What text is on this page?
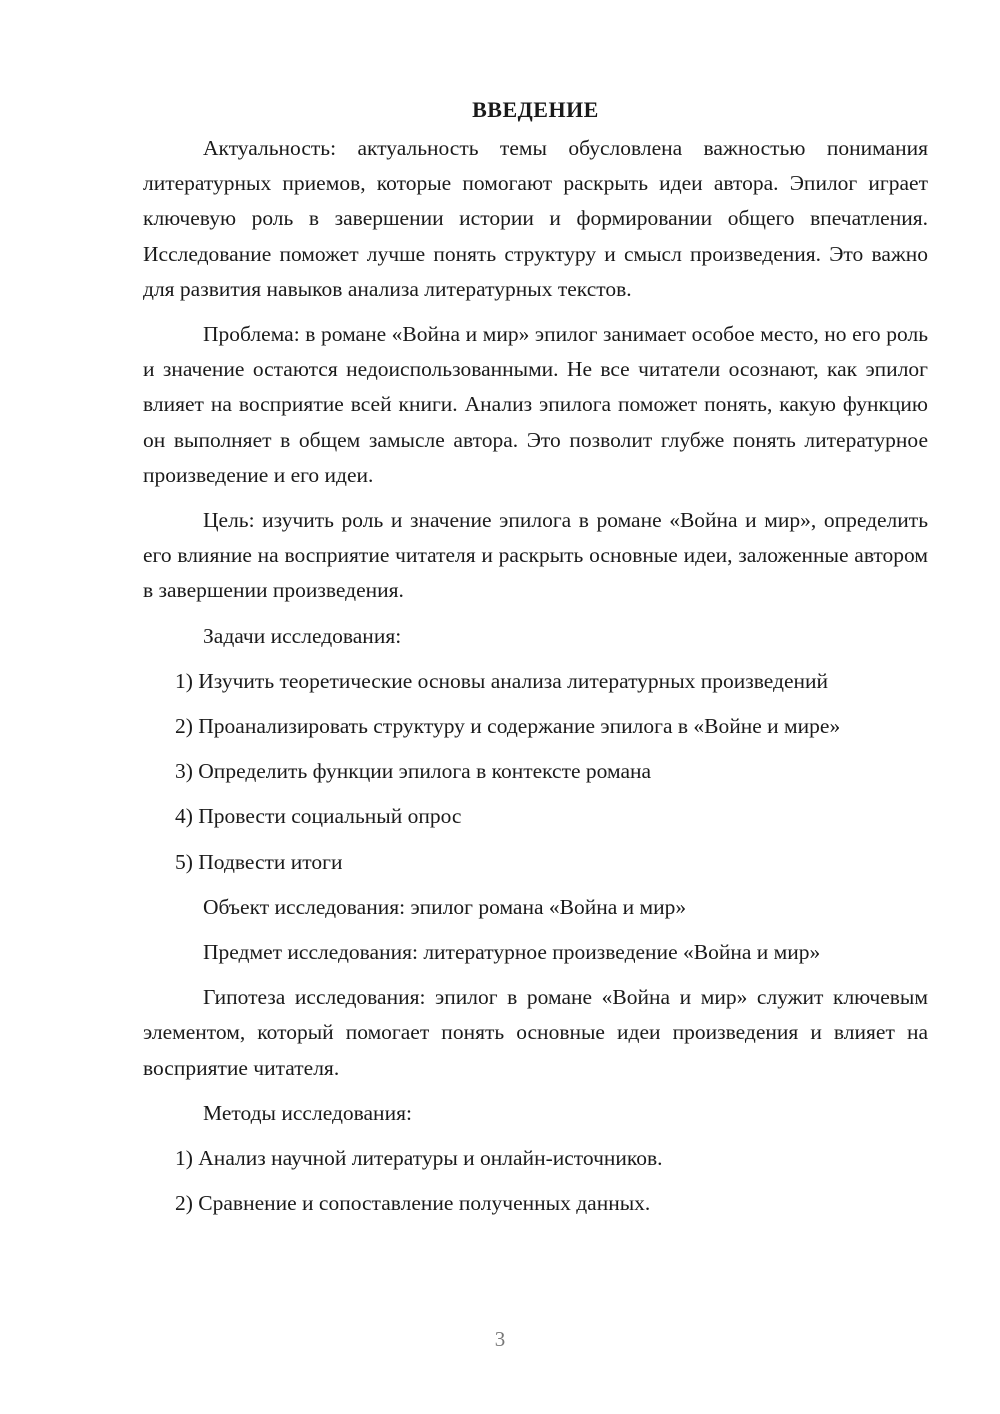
ВВЕДЕНИЕ

Актуальность: актуальность темы обусловлена важностью понимания литературных приемов, которые помогают раскрыть идеи автора. Эпилог играет ключевую роль в завершении истории и формировании общего впечатления. Исследование поможет лучше понять структуру и смысл произведения. Это важно для развития навыков анализа литературных текстов.

Проблема: в романе «Война и мир» эпилог занимает особое место, но его роль и значение остаются недоиспользованными. Не все читатели осознают, как эпилог влияет на восприятие всей книги. Анализ эпилога поможет понять, какую функцию он выполняет в общем замысле автора. Это позволит глубже понять литературное произведение и его идеи.

Цель: изучить роль и значение эпилога в романе «Война и мир», определить его влияние на восприятие читателя и раскрыть основные идеи, заложенные автором в завершении произведения.

Задачи исследования:

1) Изучить теоретические основы анализа литературных произведений

2) Проанализировать структуру и содержание эпилога в «Войне и мире»

3) Определить функции эпилога в контексте романа

4) Провести социальный опрос

5) Подвести итоги

Объект исследования: эпилог романа «Война и мир»

Предмет исследования: литературное произведение «Война и мир»

Гипотеза исследования: эпилог в романе «Война и мир» служит ключевым элементом, который помогает понять основные идеи произведения и влияет на восприятие читателя.

Методы исследования:

1) Анализ научной литературы и онлайн-источников.

2) Сравнение и сопоставление полученных данных.

3
